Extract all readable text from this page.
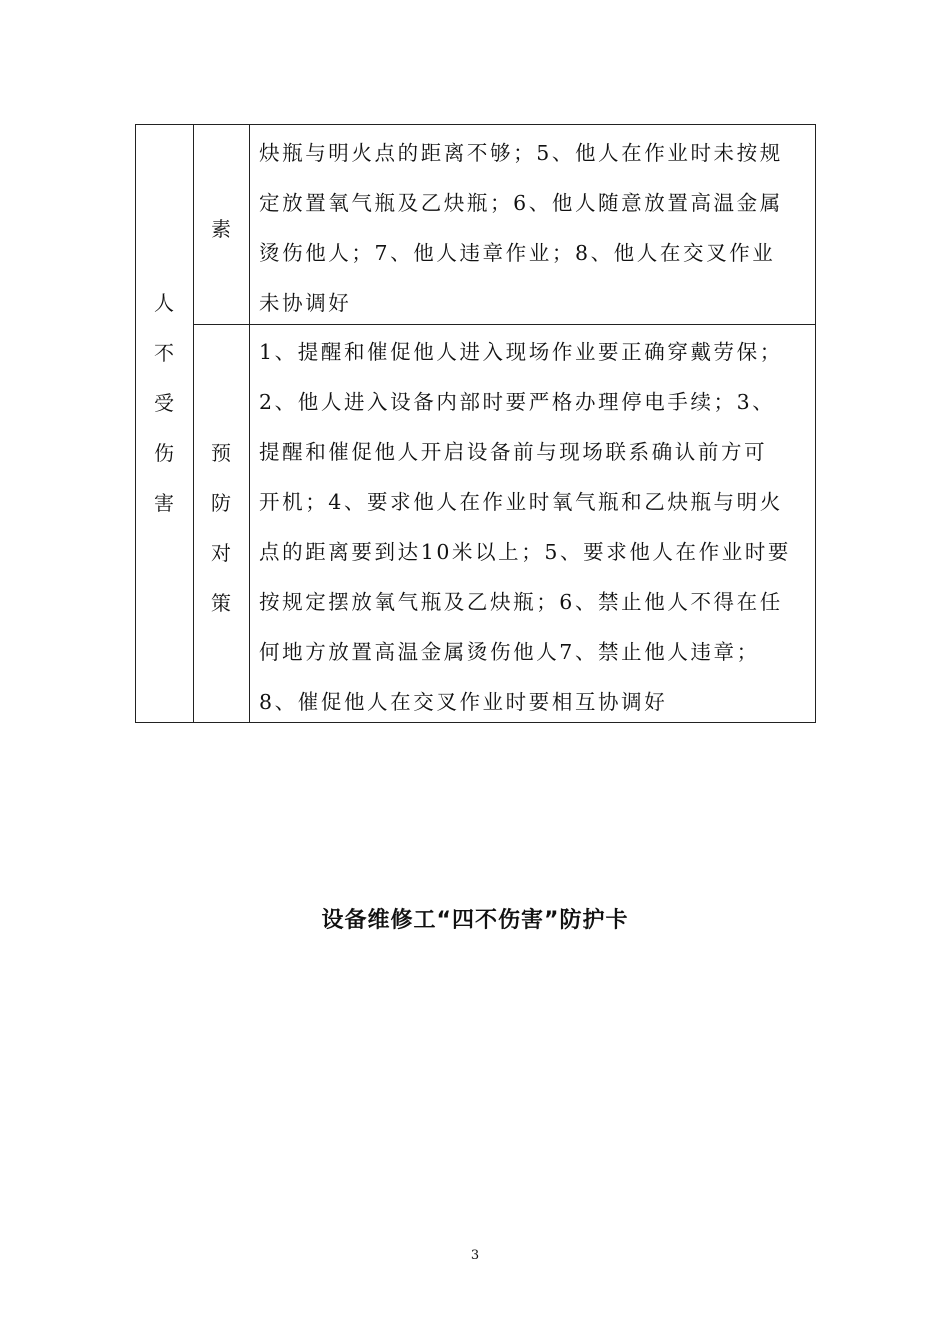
人
不
受
伤
害
素
预
防
对
策
炔瓶与明火点的距离不够；5、他人在作业时未按规
定放置氧气瓶及乙炔瓶；6、他人随意放置高温金属
烫伤他人；7、他人违章作业；8、他人在交叉作业
未协调好
1、提醒和催促他人进入现场作业要正确穿戴劳保；
2、他人进入设备内部时要严格办理停电手续；3、
提醒和催促他人开启设备前与现场联系确认前方可
开机；4、要求他人在作业时氧气瓶和乙炔瓶与明火
点的距离要到达10米以上；5、要求他人在作业时要
按规定摆放氧气瓶及乙炔瓶；6、禁止他人不得在任
何地方放置高温金属烫伤他人7、禁止他人违章；
8、催促他人在交叉作业时要相互协调好
设备维修工“四不伤害”防护卡
3
